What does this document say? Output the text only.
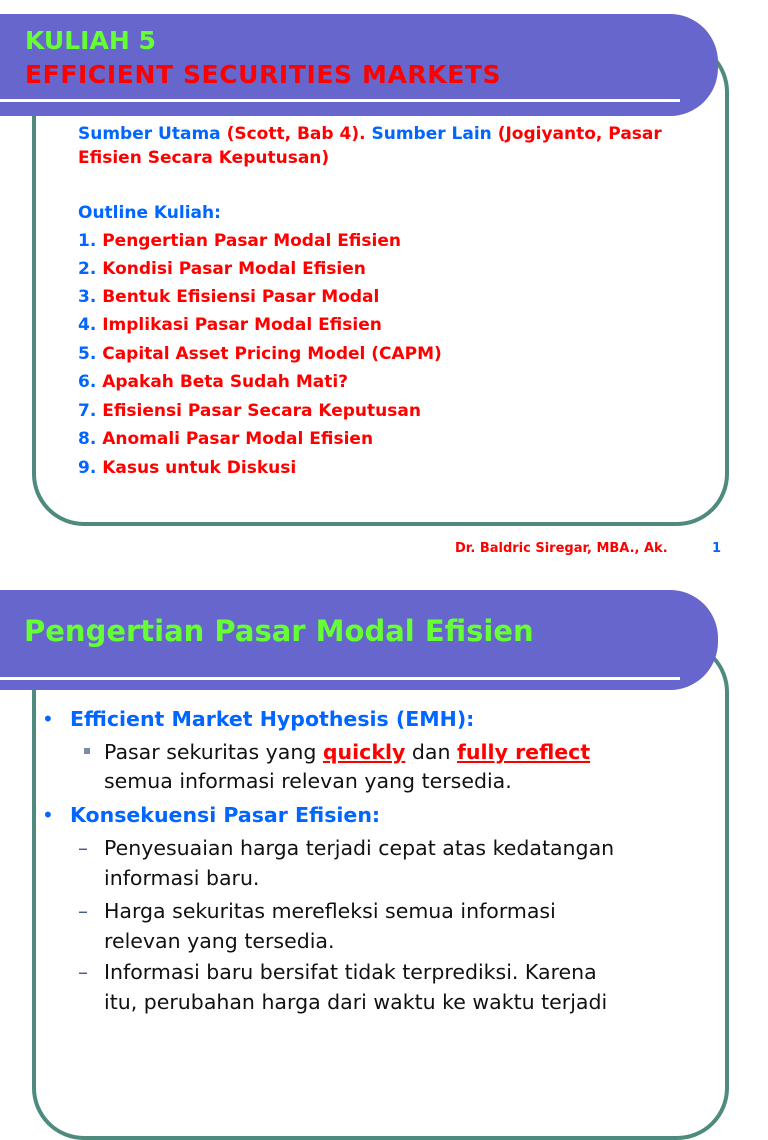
KULIAH 5
EFFICIENT SECURITIES MARKETS

Sumber Utama (Scott, Bab 4). Sumber Lain (Jogiyanto, Pasar

Efisien Secara Keputusan)

Outline Kuliah:

1. Pengertian Pasar Modal Efisien
2. Kondisi Pasar Modal Efisien
3. Bentuk Efisiensi Pasar Modal
4. Implikasi Pasar Modal Efisien
5. Capital Asset Pricing Model (CAPM)
6. Apakah Beta Sudah Mati?
7. Efisiensi Pasar Secara Keputusan
8. Anomali Pasar Modal Efisien
9. Kasus untuk Diskusi
Dr. Baldric Siregar, MBA., Ak.	1
Pengertian Pasar Modal Efisien
• Efficient Market Hypothesis (EMH):

Pasar sekuritas yang quickly dan fully reflect

semua informasi relevan yang tersedia.

• Konsekuensi Pasar Efisien:
– Penyesuaian harga terjadi cepat atas kedatangan

informasi baru.

– Harga sekuritas merefleksi semua informasi

relevan yang tersedia.

– Informasi baru bersifat tidak terprediksi. Karena

itu, perubahan harga dari waktu ke waktu terjadi
